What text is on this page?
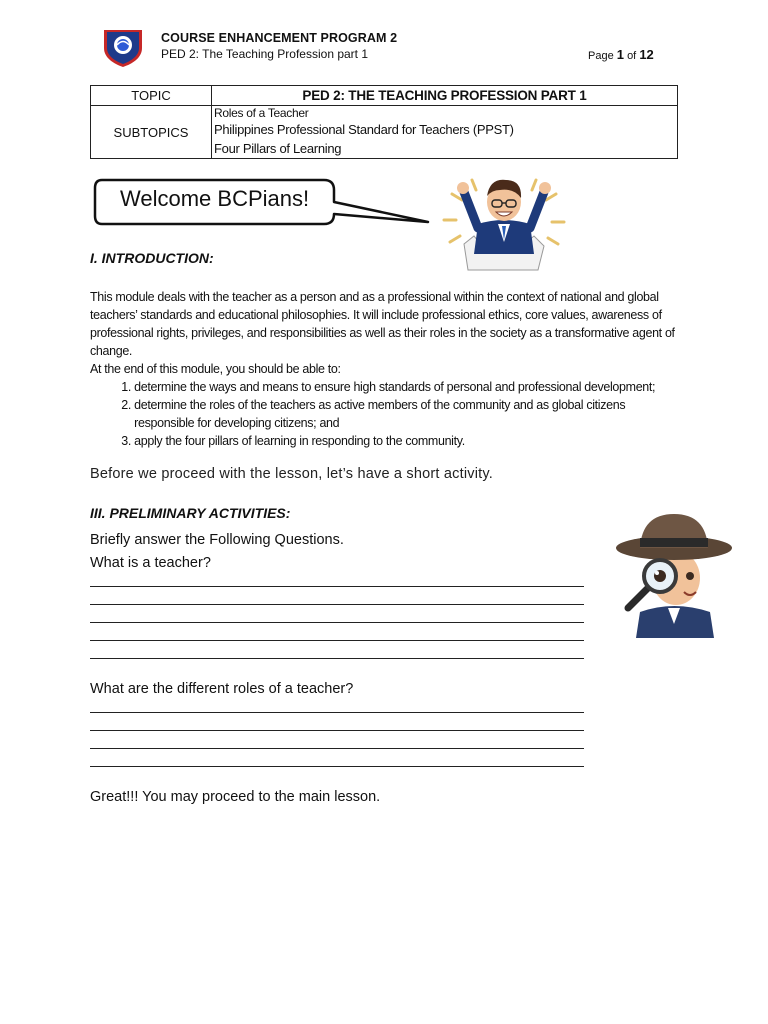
COURSE ENHANCEMENT PROGRAM 2
PED 2: The Teaching Profession part 1	Page 1 of 12
TOPIC	PED 2: THE TEACHING PROFESSION PART 1
SUBTOPICS	Roles of a Teacher
Philippines Professional Standard for Teachers (PPST)
Four Pillars of Learning
Welcome BCPians!
I. INTRODUCTION:

This module deals with the teacher as a person and as a professional within the context of national and global teachers’ standards and educational philosophies. It will include professional ethics, core values, awareness of professional rights, privileges, and responsibilities as well as their roles in the society as a transformative agent of change.

At the end of this module, you should be able to:

1. determine the ways and means to ensure high standards of personal and professional development;
2. determine the roles of the teachers as active members of the community and as global citizens responsible for developing citizens; and
3. apply the four pillars of learning in responding to the community.
Before we proceed with the lesson, let’s have a short activity.
III. PRELIMINARY ACTIVITIES:
Briefly answer the Following Questions.
What is a teacher?
What are the different roles of a teacher?
Great!!! You may proceed to the main lesson.
